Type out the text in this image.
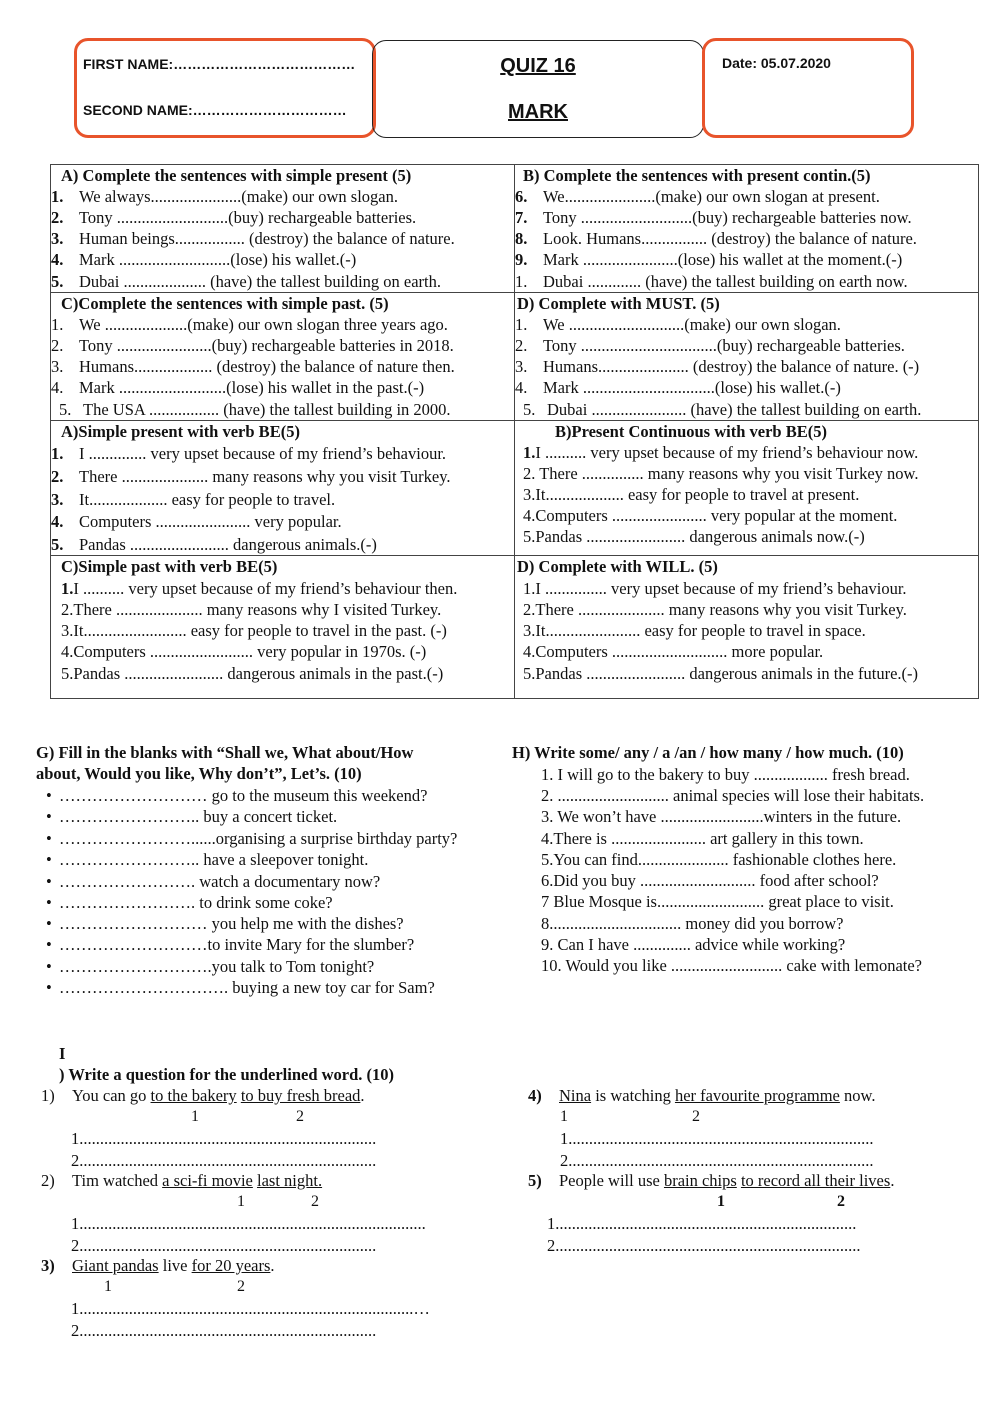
FIRST NAME:…………………………………
SECOND NAME:……………………………
QUIZ 16
MARK
Date: 05.07.2020
A) Complete the sentences with simple present (5)
1. We always......................(make) our own slogan.
2. Tony ...........................(buy) rechargeable batteries.
3. Human beings................. (destroy) the balance of nature.
4. Mark ...........................(lose) his wallet.(-)
5. Dubai .................... (have) the tallest building on earth.
B) Complete the sentences with present contin.(5)
6. We......................(make) our own slogan at present.
7. Tony ...........................(buy) rechargeable batteries now.
8. Look. Humans................ (destroy) the balance of nature.
9. Mark .......................(lose) his wallet at the moment.(-)
1. Dubai ............. (have) the tallest building on earth now.
C)Complete the sentences with simple past. (5)
1. We ....................(make) our own slogan three years ago.
2. Tony .......................(buy) rechargeable batteries in 2018.
3. Humans................... (destroy) the balance of nature then.
4. Mark ..........................(lose) his wallet in the past.(-)
5. The USA ................. (have) the tallest building in 2000.
D) Complete with MUST. (5)
1. We ............................(make) our own slogan.
2. Tony .................................(buy) rechargeable batteries.
3. Humans...................... (destroy) the balance of nature. (-)
4. Mark ................................(lose) his wallet.(-)
5. Dubai ....................... (have) the tallest building on earth.
A)Simple present with verb BE(5)
1. I .............. very upset because of my friend’s behaviour.
2. There ..................... many reasons why you visit Turkey.
3. It................... easy for people to travel.
4. Computers ....................... very popular.
5. Pandas ........................ dangerous animals.(-)
B)Present Continuous with verb BE(5)
1.I .......... very upset because of my friend’s behaviour now.
2. There ............... many reasons why you visit Turkey now.
3.It................... easy for people to travel at present.
4.Computers ....................... very popular at the moment.
5.Pandas ........................ dangerous animals now.(-)
C)Simple past with verb BE(5)
1.I .......... very upset because of my friend’s behaviour then.
2.There ..................... many reasons why I visited Turkey.
3.It......................... easy for people to travel in the past. (-)
4.Computers ......................... very popular in 1970s. (-)
5.Pandas ........................ dangerous animals in the past.(-)
D) Complete with WILL. (5)
1.I ............... very upset because of my friend’s behaviour.
2.There ..................... many reasons why you visit Turkey.
3.It....................... easy for people to travel in space.
4.Computers ............................ more popular.
5.Pandas ........................ dangerous animals in the future.(-)
G) Fill in the blanks with “Shall we, What about/How
about, Would you like, Why don’t”, Let’s. (10)
• ……………………… go to the museum this weekend?
• …………………….. buy a concert ticket.
• ……………………......organising a surprise birthday party?
• …………………….. have a sleepover tonight.
• ……………………. watch a documentary now?
• ……………………. to drink some coke?
• ……………………… you help me with the dishes?
• ………………………to invite Mary for the slumber?
• ……………………….you talk to Tom tonight?
• …………………………. buying a new toy car for Sam?
H) Write some/ any / a /an / how many / how much. (10)
1. I will go to the bakery to buy .................. fresh bread.
2. ........................... animal species will lose their habitats.
3. We won’t have .........................winters in the future.
4.There is ....................... art gallery in this town.
5.You can find...................... fashionable clothes here.
6.Did you buy ............................ food after school?
7 Blue Mosque is.......................... great place to visit.
8................................ money did you borrow?
9. Can I have .............. advice while working?
10. Would you like ........................... cake with lemonate?
I
) Write a question for the underlined word. (10)
1) You can go to the bakery to buy fresh bread.
1	2
1........................................................................
2........................................................................
2) Tim watched a sci-fi movie last night.
1	2
1....................................................................................
2........................................................................
3) Giant pandas live for 20 years.
1	2
1.................................................................................…
2........................................................................
4) Nina is watching her favourite programme now.
1	2
1..........................................................................
2..........................................................................
5) People will use brain chips to record all their lives.
1	2
1.........................................................................
2..........................................................................
